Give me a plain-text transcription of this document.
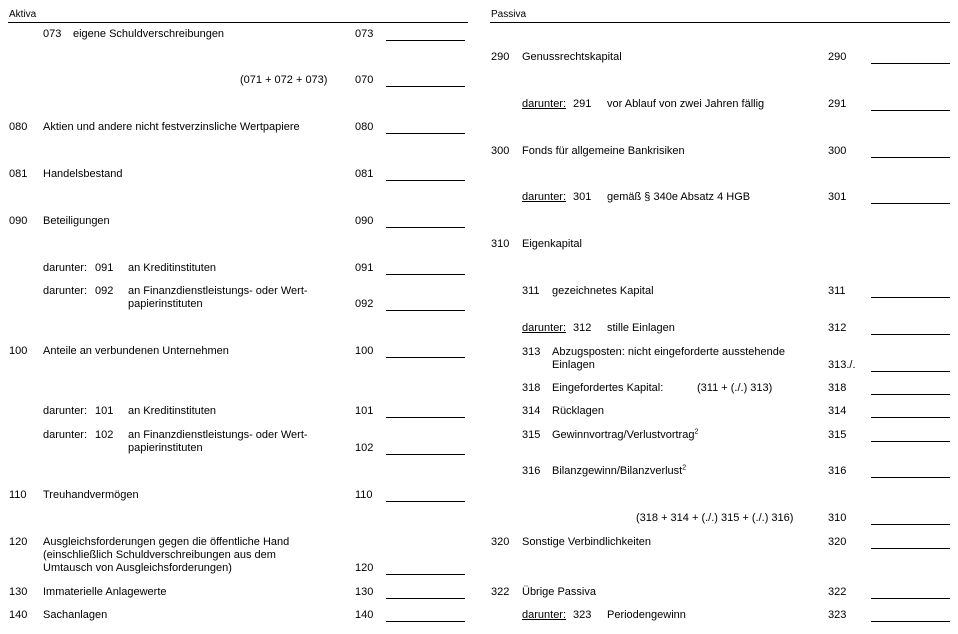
Aktiva	Passiva
073 eigene Schuldverschreibungen	073
(071 + 072 + 073)	070
080 Aktien und andere nicht festverzinsliche Wertpapiere	080
081 Handelsbestand	081
090 Beteiligungen	090
darunter: 091 an Kreditinstituten	091
darunter: 092 an Finanzdienstleistungs- oder Wert-
papierinstituten	092
100 Anteile an verbundenen Unternehmen	100
darunter: 101 an Kreditinstituten	101
darunter: 102 an Finanzdienstleistungs- oder Wert-
papierinstituten	102
110 Treuhandvermögen	110
120 Ausgleichsforderungen gegen die öffentliche Hand
(einschließlich Schuldverschreibungen aus dem
Umtausch von Ausgleichsforderungen)	120
130 Immaterielle Anlagewerte	130
140 Sachanlagen	140
290 Genussrechtskapital	290
darunter: 291 vor Ablauf von zwei Jahren fällig	291
300 Fonds für allgemeine Bankrisiken	300
darunter: 301 gemäß § 340e Absatz 4 HGB	301
310 Eigenkapital
311 gezeichnetes Kapital	311
darunter: 312 stille Einlagen	312
313 Abzugsposten: nicht eingeforderte ausstehende
Einlagen	313./.
318 Eingefordertes Kapital:	(311 + (./.) 313)	318
314 Rücklagen	314
315 Gewinnvortrag/Verlustvortrag$^2$	315
316 Bilanzgewinn/Bilanzverlust$^2$	316
(318 + 314 + (./.) 315 + (./.) 316)	310
320 Sonstige Verbindlichkeiten	320
322 Übrige Passiva	322
darunter: 323 Periodengewinn	323
